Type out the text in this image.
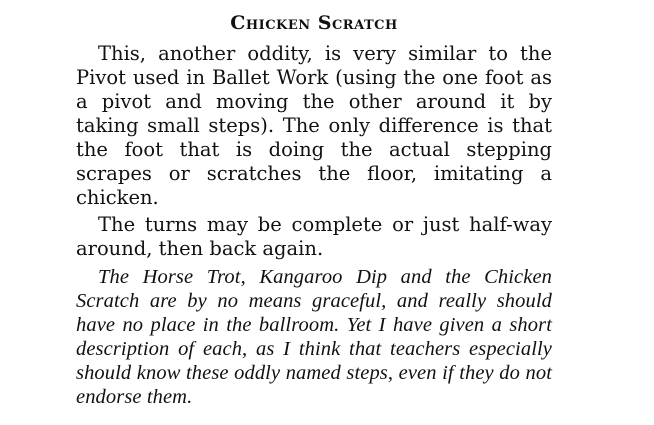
Chicken Scratch

This, another oddity, is very similar to the Pivot used in Ballet Work (using the one foot as a pivot and moving the other around it by taking small steps). The only difference is that the foot that is doing the actual stepping scrapes or scratches the floor, imitating a chicken.

The turns may be complete or just half-way around, then back again.

The Horse Trot, Kangaroo Dip and the Chicken Scratch are by no means graceful, and really should have no place in the ballroom. Yet I have given a short description of each, as I think that teachers especially should know these oddly named steps, even if they do not endorse them.
